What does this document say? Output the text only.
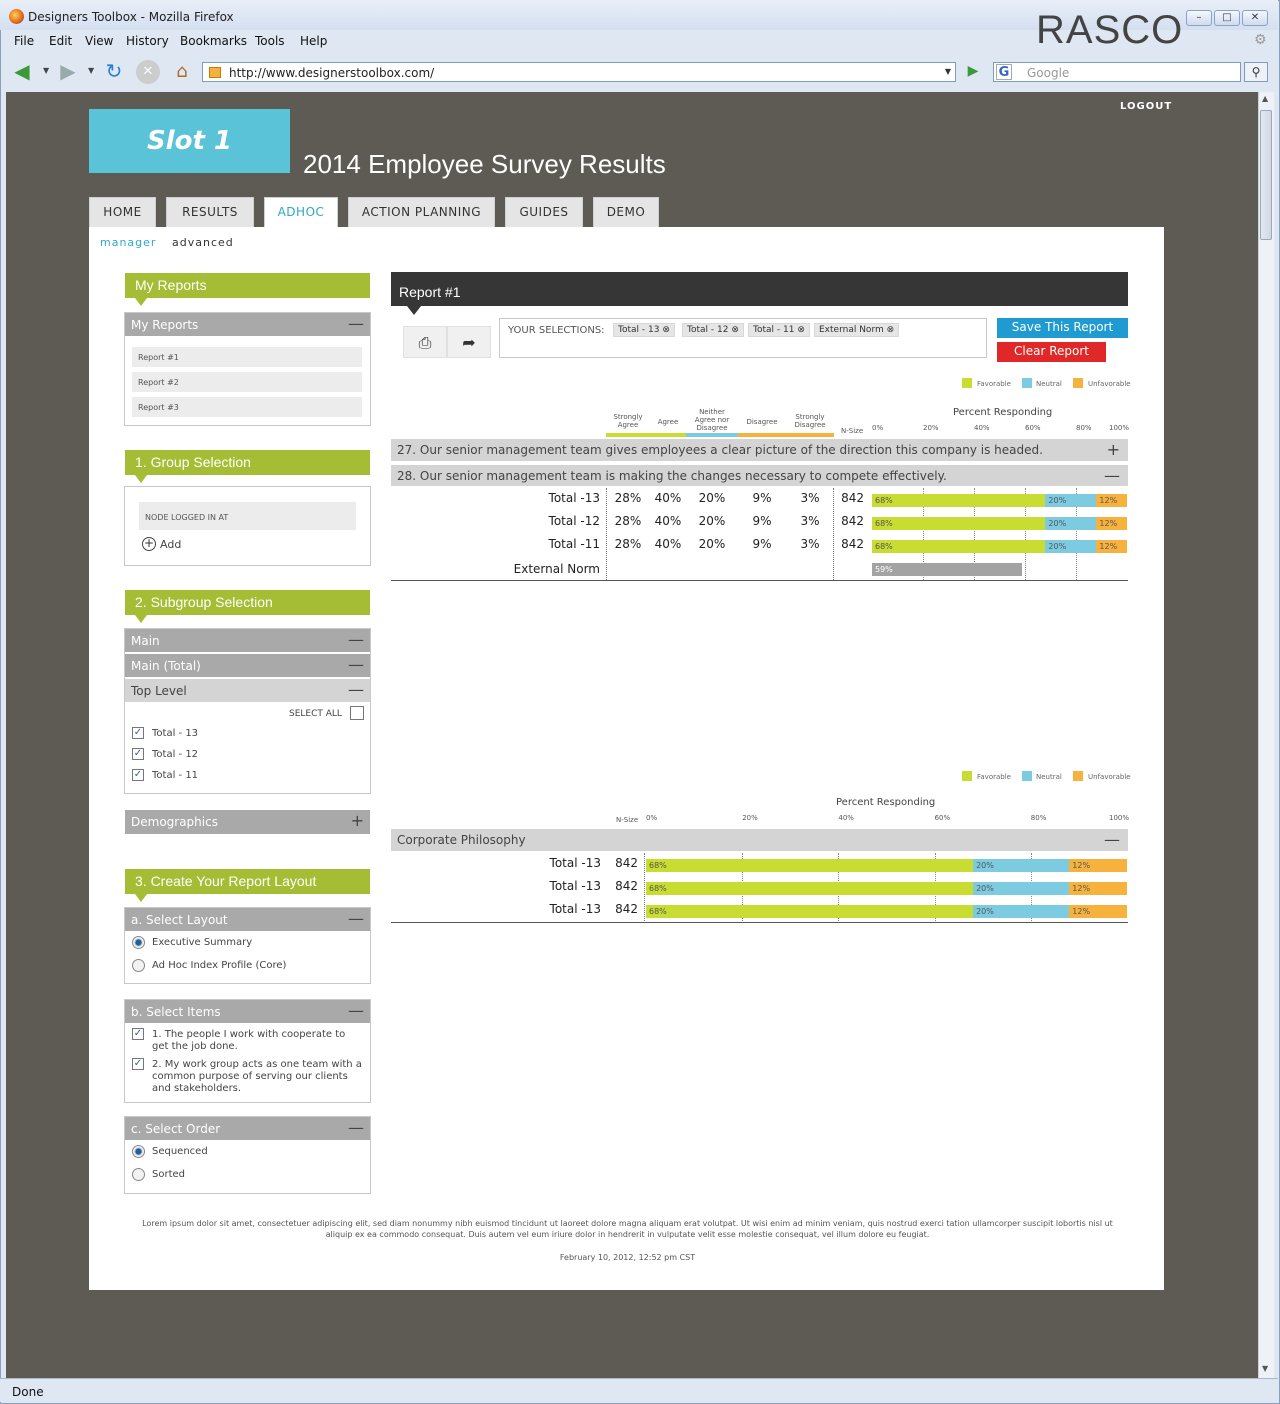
Designers Toolbox - Mozilla Firefox	RASCO	–	□	✕
File Edit View History Bookmarks Tools Help	⚙
◀	▼ ▶	▼ ↻	✕	⌂	http://www.designerstoolbox.com/	▼	▶	G Google	⚲
▲
▼
LOGOUT
Slot 1
2014 Employee Survey Results
HOME	RESULTS	ADHOC	ACTION PLANNING	GUIDES	DEMO
manager advanced
My Reports
My Reports	—
Report #1
Report #2
Report #3
1. Group Selection
NODE LOGGED IN AT
+ Add
2. Subgroup Selection
Main	—
Main (Total)	—
Top Level	—
SELECT ALL
✓ Total - 13
✓ Total - 12
✓ Total - 11
Demographics	+
3. Create Your Report Layout
a. Select Layout	—
Executive Summary
Ad Hoc Index Profile (Core)
b. Select Items	—
✓ 1. The people I work with cooperate to get the job done.
✓ 2. My work group acts as one team with a common purpose of serving our clients and stakeholders.
c. Select Order	—
Sequenced
Sorted
Report #1
⎙	➦
YOUR SELECTIONS:	Total - 13 ⊗	Total - 12 ⊗	Total - 11 ⊗	External Norm ⊗	Save This Report
Clear Report
Favorable	Neutral	Unfavorable
Strongly Agree	Agree
Neither Agree nor Disagree
Disagree
Strongly Disagree
N-Size
Percent Responding
27. Our senior management team gives employees a clear picture of the direction this company is headed.	+
28. Our senior management team is making the changes necessary to compete effectively.	—
Favorable	Neutral	Unfavorable
Percent Responding
N-Size
Corporate Philosophy	—
Lorem ipsum dolor sit amet, consectetuer adipiscing elit, sed diam nonummy nibh euismod tincidunt ut laoreet dolore magna aliquam erat volutpat. Ut wisi enim ad minim veniam, quis nostrud exerci tation ullamcorper suscipit lobortis nisl ut aliquip ex ea commodo consequat. Duis autem vel eum iriure dolor in hendrerit in vulputate velit esse molestie consequat, vel illum dolore eu feugiat.
February 10, 2012, 12:52 pm CST
Done
0%	20%	40%	60%	80% 100%
Total -13	28%	40%	20%	9%	3%	842	68%	20%	12%
Total -12	28%	40%	20%	9%	3%	842	68%	20%	12%
Total -11	28%	40%	20%	9%	3%	842	68%	20%	12%
External Norm	59%
0%	20%	40%	60%	80%	100%
Total -13	842	68%	20%	12%
Total -13	842	68%	20%	12%
Total -13	842	68%	20%	12%
